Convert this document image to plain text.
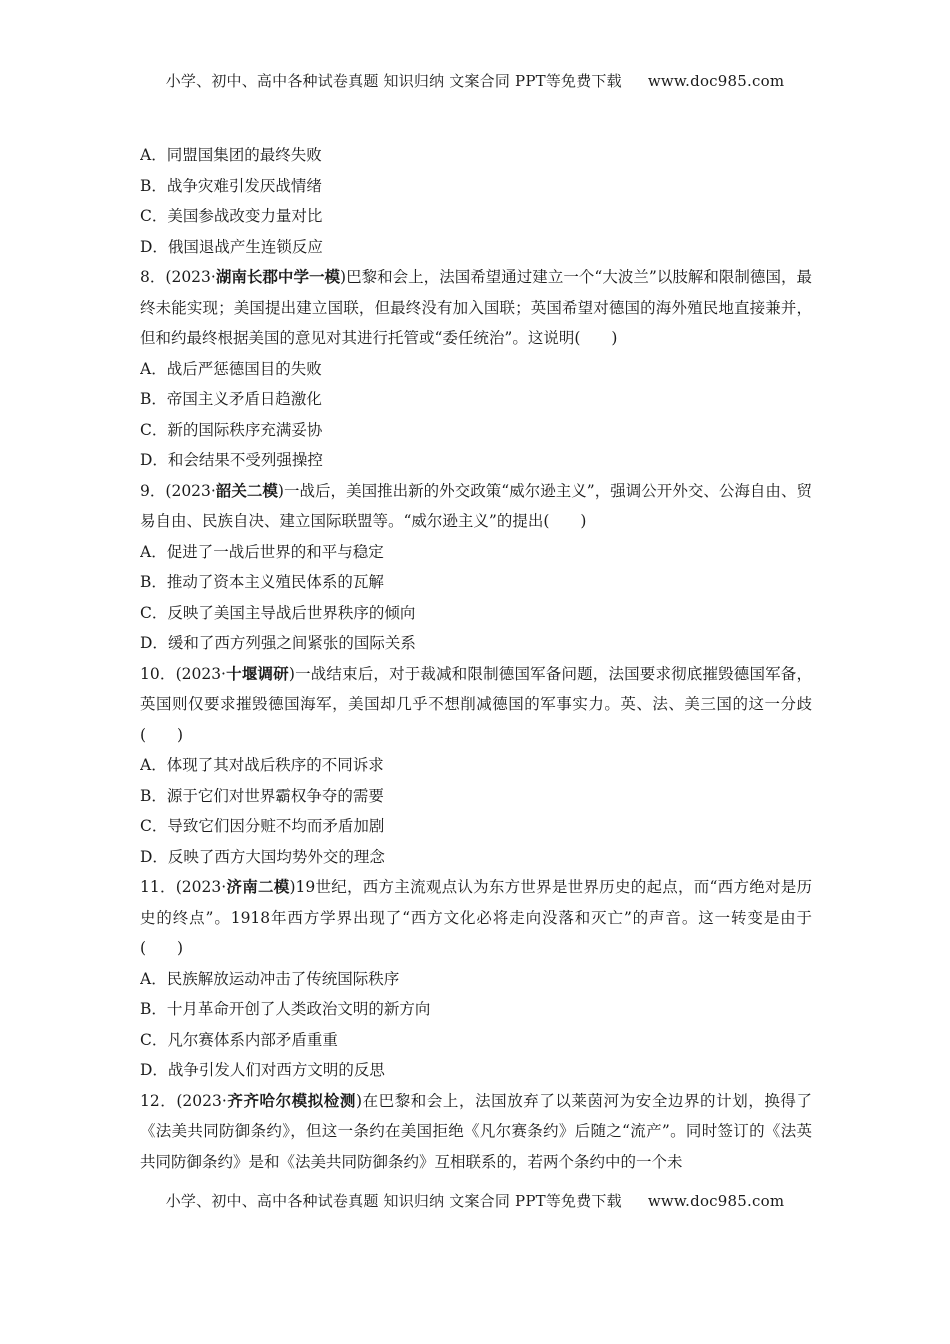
小学、初中、高中各种试卷真题 知识归纳 文案合同 PPT等免费下载 www.doc985.com
A．同盟国集团的最终失败
B．战争灾难引发厌战情绪
C．美国参战改变力量对比
D．俄国退战产生连锁反应
8．(2023·湖南长郡中学一模)巴黎和会上，法国希望通过建立一个“大波兰”以肢解和限制德国，最终未能实现；美国提出建立国联，但最终没有加入国联；英国希望对德国的海外殖民地直接兼并，但和约最终根据美国的意见对其进行托管或“委任统治”。这说明(　　)
A．战后严惩德国目的失败
B．帝国主义矛盾日趋激化
C．新的国际秩序充满妥协
D．和会结果不受列强操控
9．(2023·韶关二模)一战后，美国推出新的外交政策“威尔逊主义”，强调公开外交、公海自由、贸易自由、民族自决、建立国际联盟等。“威尔逊主义”的提出(　　)
A．促进了一战后世界的和平与稳定
B．推动了资本主义殖民体系的瓦解
C．反映了美国主导战后世界秩序的倾向
D．缓和了西方列强之间紧张的国际关系
10．(2023·十堰调研)一战结束后，对于裁减和限制德国军备问题，法国要求彻底摧毁德国军备，英国则仅要求摧毁德国海军，美国却几乎不想削减德国的军事实力。英、法、美三国的这一分歧(　　)
A．体现了其对战后秩序的不同诉求
B．源于它们对世界霸权争夺的需要
C．导致它们因分赃不均而矛盾加剧
D．反映了西方大国均势外交的理念
11．(2023·济南二模)19世纪，西方主流观点认为东方世界是世界历史的起点，而“西方绝对是历史的终点”。1918年西方学界出现了“西方文化必将走向没落和灭亡”的声音。这一转变是由于(　　)
A．民族解放运动冲击了传统国际秩序
B．十月革命开创了人类政治文明的新方向
C．凡尔赛体系内部矛盾重重
D．战争引发人们对西方文明的反思
12．(2023·齐齐哈尔模拟检测)在巴黎和会上，法国放弃了以莱茵河为安全边界的计划，换得了《法美共同防御条约》，但这一条约在美国拒绝《凡尔赛条约》后随之“流产”。同时签订的《法英共同防御条约》是和《法美共同防御条约》互相联系的，若两个条约中的一个未
小学、初中、高中各种试卷真题 知识归纳 文案合同 PPT等免费下载 www.doc985.com
